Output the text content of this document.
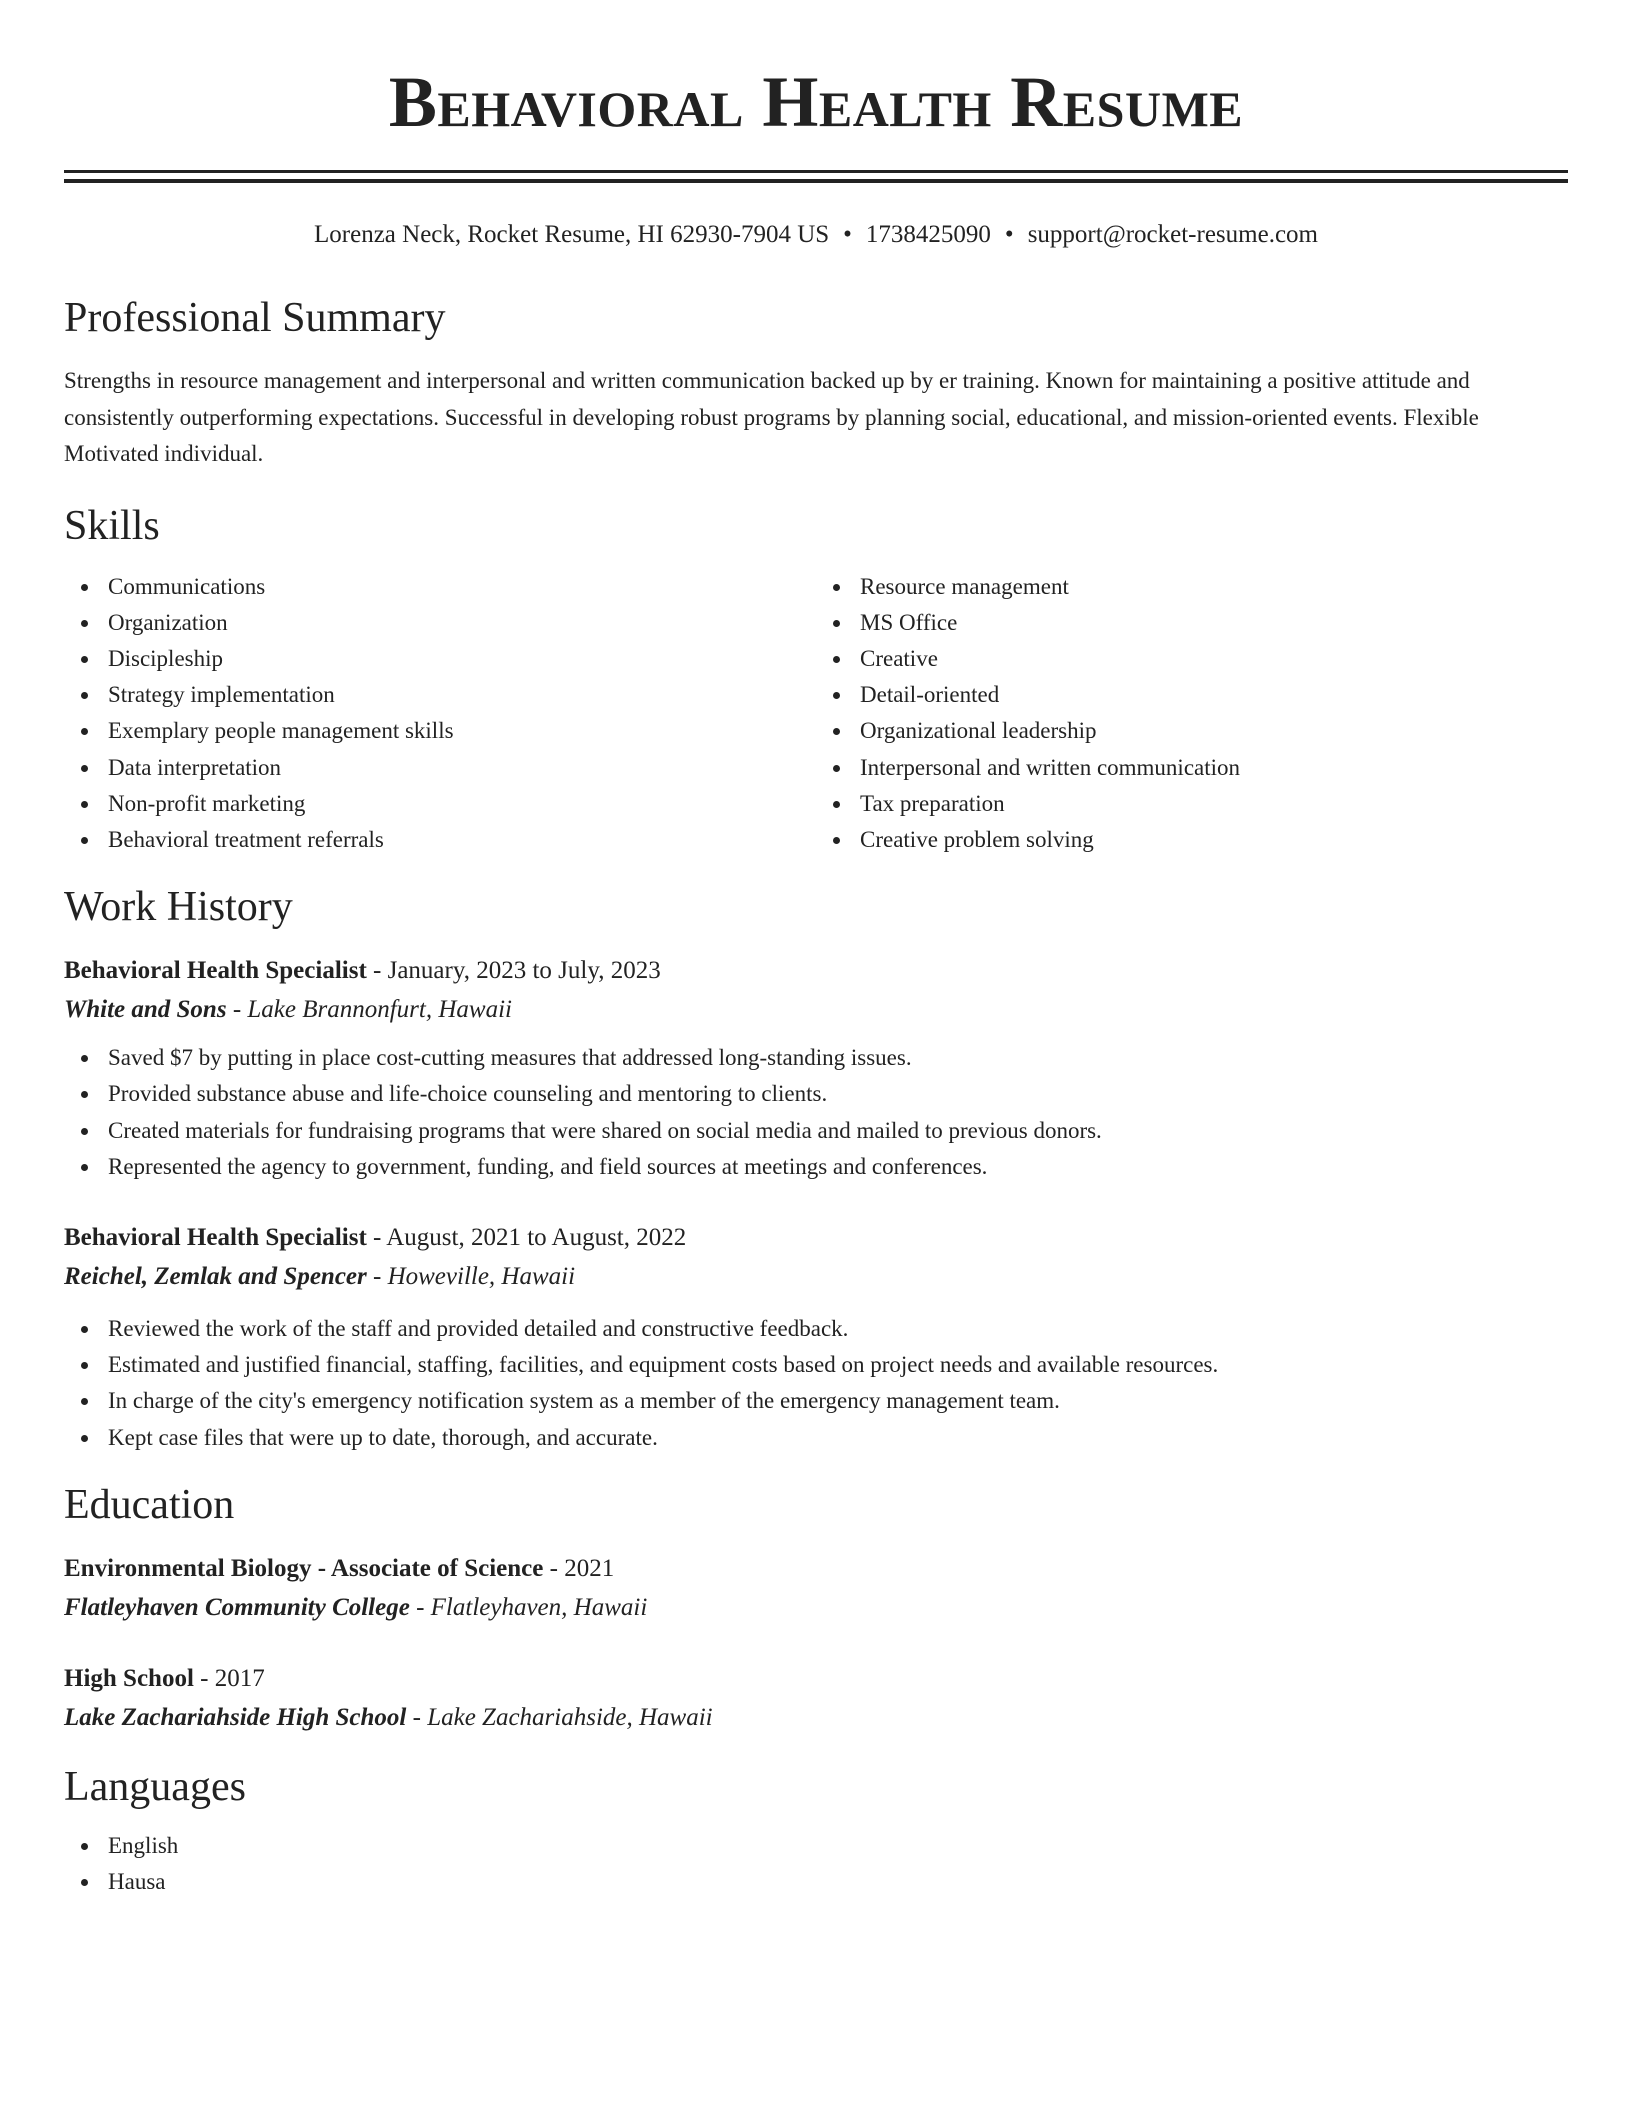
Behavioral Health Resume
Lorenza Neck, Rocket Resume, HI 62930-7904 US • 1738425090 • support@rocket-resume.com
Professional Summary
Strengths in resource management and interpersonal and written communication backed up by er training. Known for maintaining a positive attitude and consistently outperforming expectations. Successful in developing robust programs by planning social, educational, and mission-oriented events. Flexible Motivated individual.
Skills
Communications
Organization
Discipleship
Strategy implementation
Exemplary people management skills
Data interpretation
Non-profit marketing
Behavioral treatment referrals
Resource management
MS Office
Creative
Detail-oriented
Organizational leadership
Interpersonal and written communication
Tax preparation
Creative problem solving
Work History
Behavioral Health Specialist - January, 2023 to July, 2023
White and Sons - Lake Brannonfurt, Hawaii
Saved $7 by putting in place cost-cutting measures that addressed long-standing issues.
Provided substance abuse and life-choice counseling and mentoring to clients.
Created materials for fundraising programs that were shared on social media and mailed to previous donors.
Represented the agency to government, funding, and field sources at meetings and conferences.
Behavioral Health Specialist - August, 2021 to August, 2022
Reichel, Zemlak and Spencer - Howeville, Hawaii
Reviewed the work of the staff and provided detailed and constructive feedback.
Estimated and justified financial, staffing, facilities, and equipment costs based on project needs and available resources.
In charge of the city's emergency notification system as a member of the emergency management team.
Kept case files that were up to date, thorough, and accurate.
Education
Environmental Biology - Associate of Science - 2021
Flatleyhaven Community College - Flatleyhaven, Hawaii
High School - 2017
Lake Zachariahside High School - Lake Zachariahside, Hawaii
Languages
English
Hausa
